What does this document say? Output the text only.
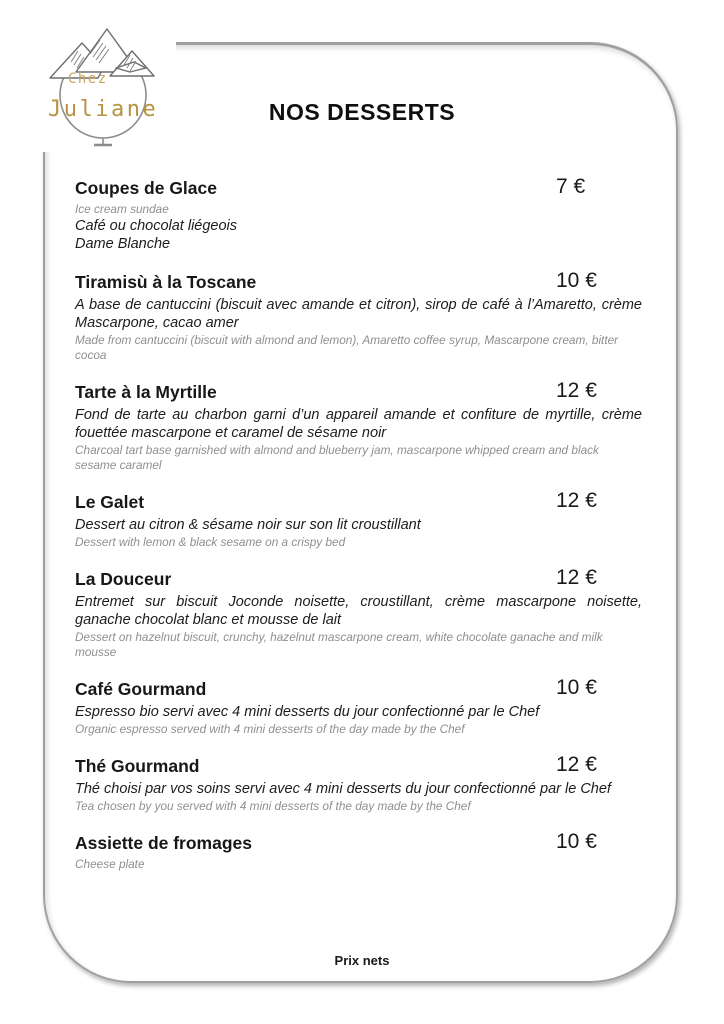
Chez
Juliane	NOS DESSERTS
Coupes de Glace	7 €
Ice cream sundae
Café ou chocolat liégeois
Dame Blanche
Tiramisù à la Toscane	10 €
A base de cantuccini (biscuit avec amande et citron), sirop de café à l’Amaretto, crème Mascarpone, cacao amer
Made from cantuccini (biscuit with almond and lemon), Amaretto coffee syrup, Mascarpone cream, bitter cocoa
Tarte à la Myrtille	12 €
Fond de tarte au charbon garni d’un appareil amande et confiture de myrtille, crème fouettée mascarpone et caramel de sésame noir
Charcoal tart base garnished with almond and blueberry jam, mascarpone whipped cream and black sesame caramel
Le Galet	12 €
Dessert au citron & sésame noir sur son lit croustillant
Dessert with lemon & black sesame on a crispy bed
La Douceur	12 €
Entremet sur biscuit Joconde noisette, croustillant, crème mascarpone noisette, ganache chocolat blanc et mousse de lait
Dessert on hazelnut biscuit, crunchy, hazelnut mascarpone cream, white chocolate ganache and milk mousse
Café Gourmand	10 €
Espresso bio servi avec 4 mini desserts du jour confectionné par le Chef
Organic espresso served with 4 mini desserts of the day made by the Chef
Thé Gourmand	12 €
Thé choisi par vos soins servi avec 4 mini desserts du jour confectionné par le Chef
Tea chosen by you served with 4 mini desserts of the day made by the Chef
Assiette de fromages	10 €
Cheese plate
Prix nets
